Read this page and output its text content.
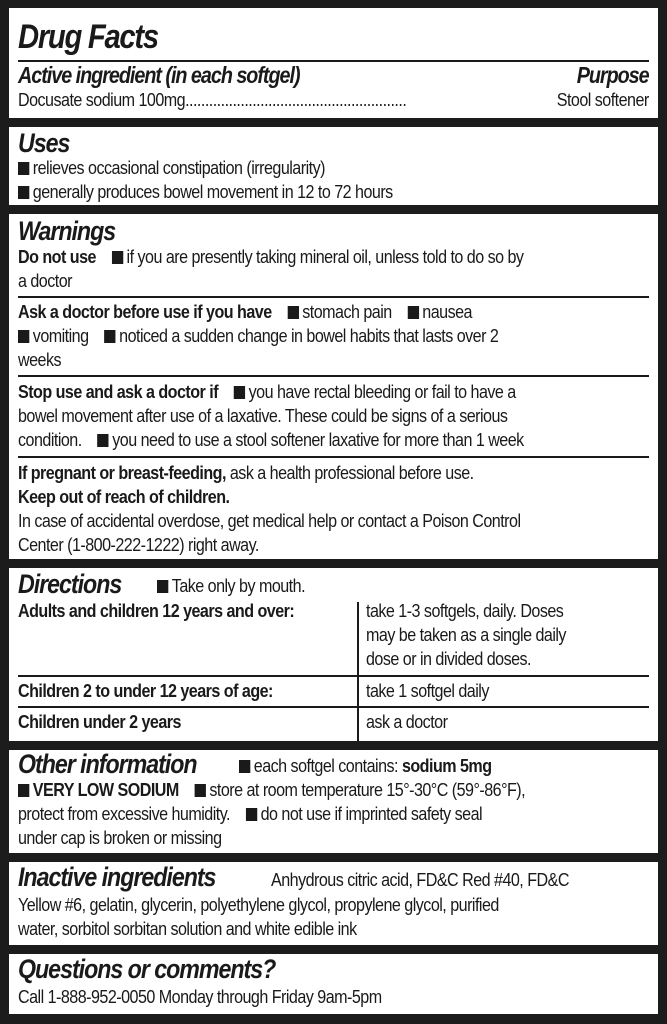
Drug Facts
Active ingredient (in each softgel)	Purpose
Docusate sodium 100mg........................................................	Stool softener
Uses
relieves occasional constipation (irregularity)
generally produces bowel movement in 12 to 72 hours
Warnings
Do not use if you are presently taking mineral oil, unless told to do so by
a doctor
Ask a doctor before use if you have stomach pain nausea
vomiting noticed a sudden change in bowel habits that lasts over 2
weeks
Stop use and ask a doctor if you have rectal bleeding or fail to have a
bowel movement after use of a laxative. These could be signs of a serious
condition. you need to use a stool softener laxative for more than 1 week
If pregnant or breast-feeding, ask a health professional before use.
Keep out of reach of children.
In case of accidental overdose, get medical help or contact a Poison Control
Center (1-800-222-1222) right away.
Directions	Take only by mouth.
Adults and children 12 years and over:	take 1-3 softgels, daily. Doses
may be taken as a single daily
dose or in divided doses.
Children 2 to under 12 years of age:	take 1 softgel daily
Children under 2 years	ask a doctor
Other information	each softgel contains: sodium 5mg
VERY LOW SODIUM store at room temperature 15°-30°C (59°-86°F),
protect from excessive humidity. do not use if imprinted safety seal
under cap is broken or missing
Inactive ingredients	Anhydrous citric acid, FD&C Red #40, FD&C
Yellow #6, gelatin, glycerin, polyethylene glycol, propylene glycol, purified
water, sorbitol sorbitan solution and white edible ink
Questions or comments?
Call 1-888-952-0050 Monday through Friday 9am-5pm
